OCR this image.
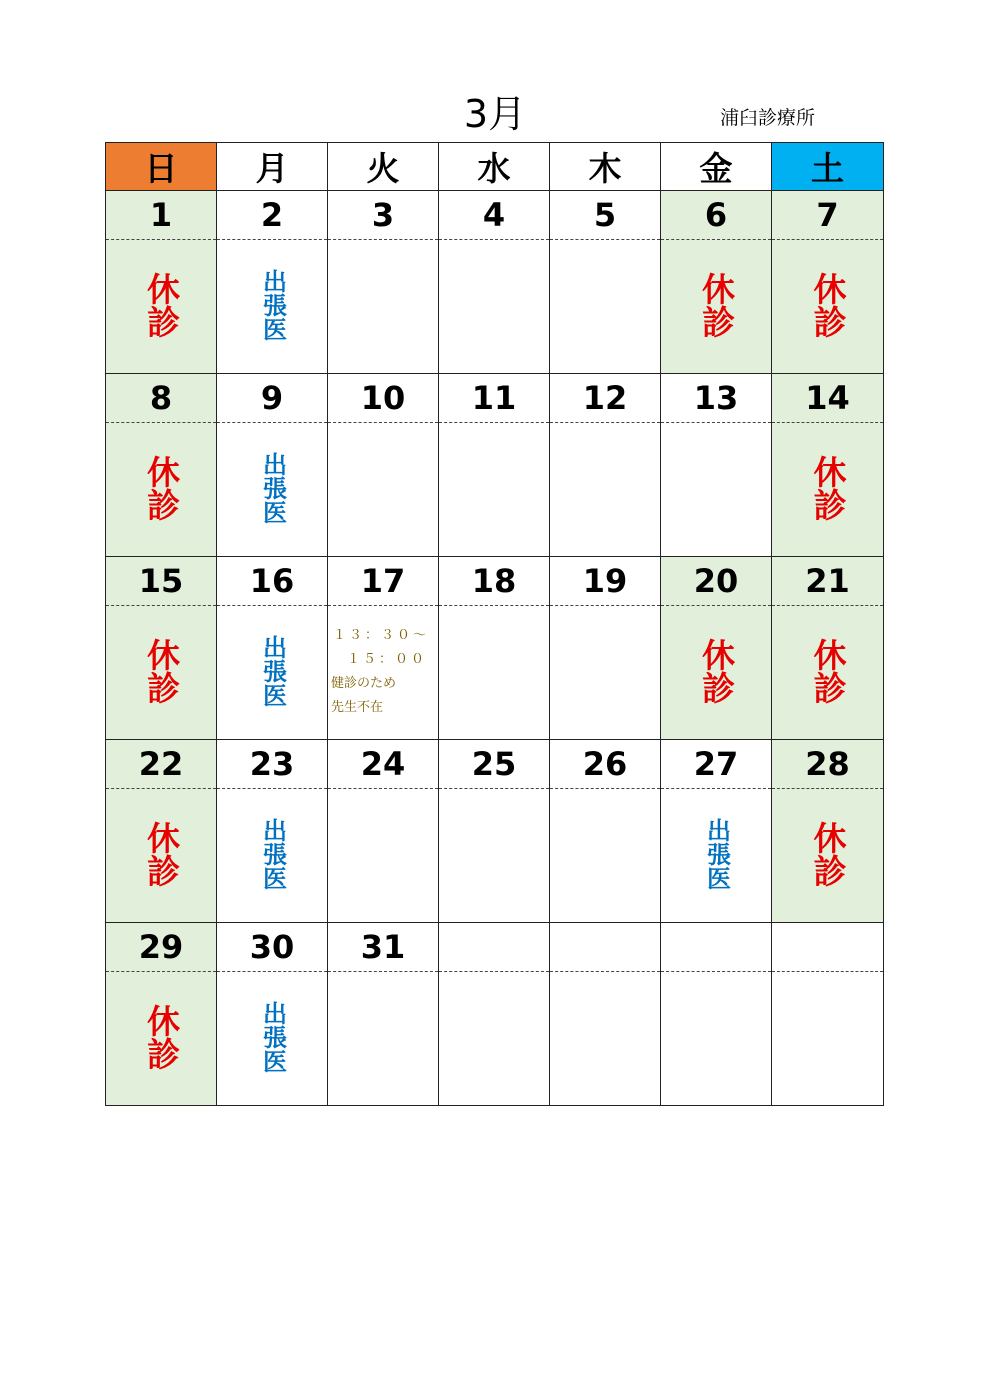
3月	浦臼診療所
日	月	火	水	木	金	土
1	2	3	4	5	6	7
休診	出張医				休診	休診
8	9	10	11	12	13	14
休診	出張医					休診
15	16	17	18	19	20	21
休診	出張医	１３：３０～
１５：００
健診のため
先生不在			休診	休診
22	23	24	25	26	27	28
休診	出張医				出張医	休診
29	30	31				
休診	出張医					
